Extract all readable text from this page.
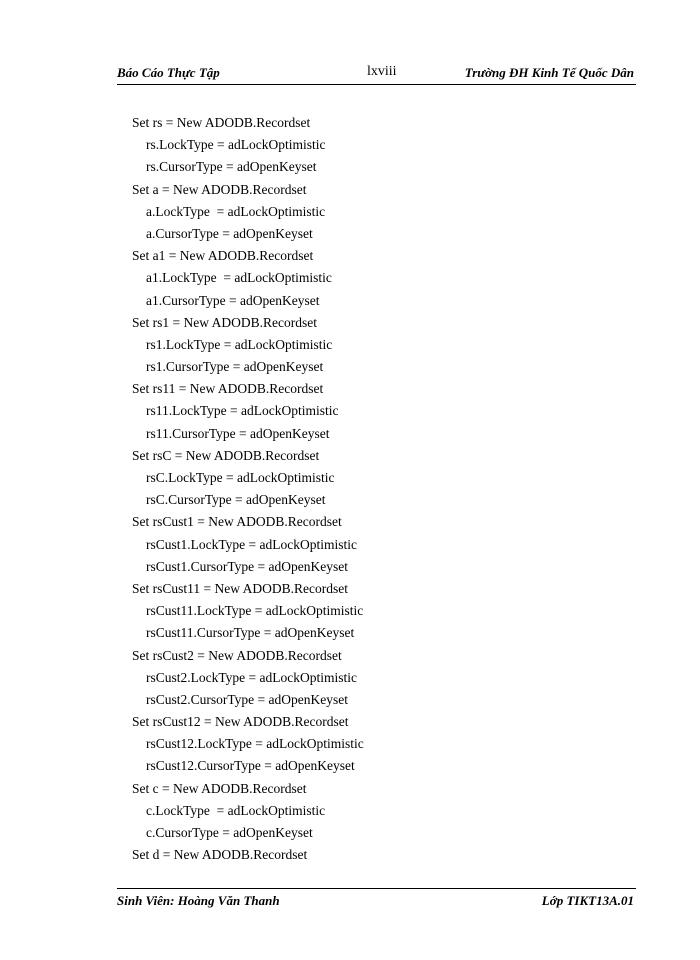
Báo Cáo Thực Tập	lxviii	Trường ĐH Kinh Tế Quốc Dân
Set rs = New ADODB.Recordset
rs.LockType = adLockOptimistic
rs.CursorType = adOpenKeyset
Set a = New ADODB.Recordset
a.LockType  = adLockOptimistic
a.CursorType = adOpenKeyset
Set a1 = New ADODB.Recordset
a1.LockType  = adLockOptimistic
a1.CursorType = adOpenKeyset
Set rs1 = New ADODB.Recordset
rs1.LockType = adLockOptimistic
rs1.CursorType = adOpenKeyset
Set rs11 = New ADODB.Recordset
rs11.LockType = adLockOptimistic
rs11.CursorType = adOpenKeyset
Set rsC = New ADODB.Recordset
rsC.LockType = adLockOptimistic
rsC.CursorType = adOpenKeyset
Set rsCust1 = New ADODB.Recordset
rsCust1.LockType = adLockOptimistic
rsCust1.CursorType = adOpenKeyset
Set rsCust11 = New ADODB.Recordset
rsCust11.LockType = adLockOptimistic
rsCust11.CursorType = adOpenKeyset
Set rsCust2 = New ADODB.Recordset
rsCust2.LockType = adLockOptimistic
rsCust2.CursorType = adOpenKeyset
Set rsCust12 = New ADODB.Recordset
rsCust12.LockType = adLockOptimistic
rsCust12.CursorType = adOpenKeyset
Set c = New ADODB.Recordset
c.LockType  = adLockOptimistic
c.CursorType = adOpenKeyset
Set d = New ADODB.Recordset
Sinh Viên: Hoàng Văn Thanh	Lớp TIKT13A.01
